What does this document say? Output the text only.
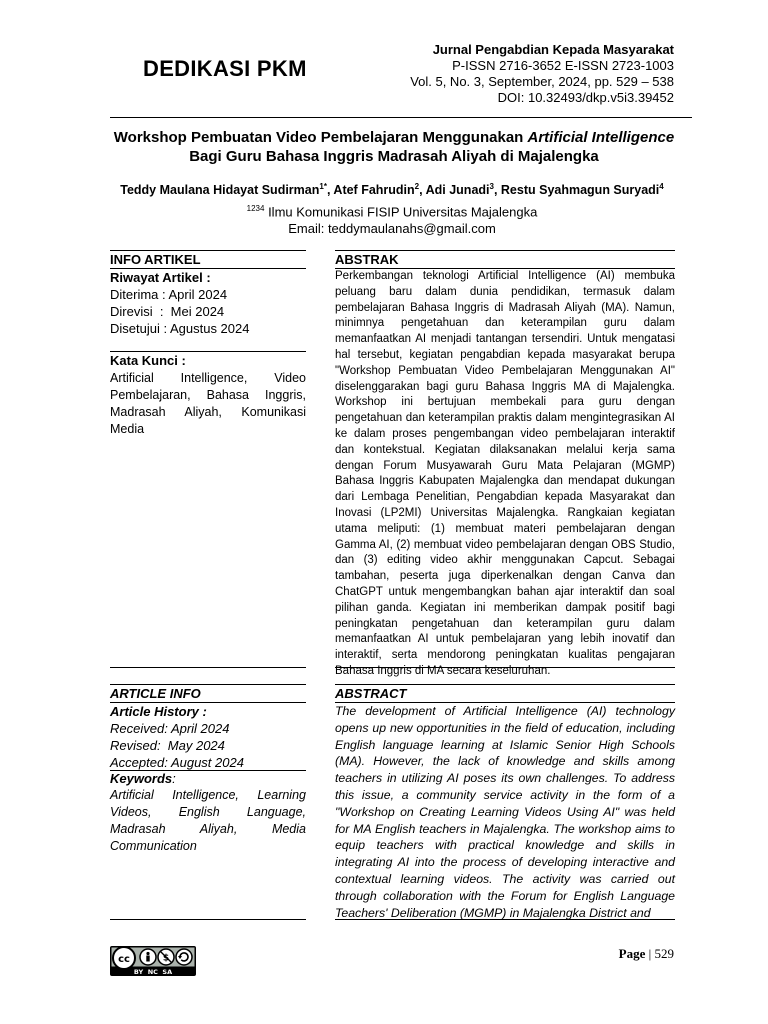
DEDIKASI PKM
Jurnal Pengabdian Kepada Masyarakat
P-ISSN 2716-3652 E-ISSN 2723-1003
Vol. 5, No. 3, September, 2024, pp. 529 – 538
DOI: 10.32493/dkp.v5i3.39452
Workshop Pembuatan Video Pembelajaran Menggunakan Artificial Intelligence
Bagi Guru Bahasa Inggris Madrasah Aliyah di Majalengka
Teddy Maulana Hidayat Sudirman$^{1*}$, Atef Fahrudin$^2$, Adi Junadi$^3$, Restu Syahmagun Suryadi$^4$
$^{1234}$ Ilmu Komunikasi FISIP Universitas Majalengka
Email: teddymaulanahs@gmail.com
INFO ARTIKEL
Riwayat Artikel :
Diterima : April 2024
Direvisi  :  Mei 2024
Disetujui : Agustus 2024
Kata Kunci :
Artificial Intelligence, Video Pembelajaran, Bahasa Inggris, Madrasah Aliyah, Komunikasi Media
ABSTRAK
Perkembangan teknologi Artificial Intelligence (AI) membuka peluang baru dalam dunia pendidikan, termasuk dalam pembelajaran Bahasa Inggris di Madrasah Aliyah (MA). Namun, minimnya pengetahuan dan keterampilan guru dalam memanfaatkan AI menjadi tantangan tersendiri. Untuk mengatasi hal tersebut, kegiatan pengabdian kepada masyarakat berupa "Workshop Pembuatan Video Pembelajaran Menggunakan AI" diselenggarakan bagi guru Bahasa Inggris MA di Majalengka. Workshop ini bertujuan membekali para guru dengan pengetahuan dan keterampilan praktis dalam mengintegrasikan AI ke dalam proses pengembangan video pembelajaran interaktif dan kontekstual. Kegiatan dilaksanakan melalui kerja sama dengan Forum Musyawarah Guru Mata Pelajaran (MGMP) Bahasa Inggris Kabupaten Majalengka dan mendapat dukungan dari Lembaga Penelitian, Pengabdian kepada Masyarakat dan Inovasi (LP2MI) Universitas Majalengka. Rangkaian kegiatan utama meliputi: (1) membuat materi pembelajaran dengan Gamma AI, (2) membuat video pembelajaran dengan OBS Studio, dan (3) editing video akhir menggunakan Capcut. Sebagai tambahan, peserta juga diperkenalkan dengan Canva dan ChatGPT untuk mengembangkan bahan ajar interaktif dan soal pilihan ganda. Kegiatan ini memberikan dampak positif bagi peningkatan pengetahuan dan keterampilan guru dalam memanfaatkan AI untuk pembelajaran yang lebih inovatif dan interaktif, serta mendorong peningkatan kualitas pengajaran Bahasa Inggris di MA secara keseluruhan.
ARTICLE INFO
Article History :
Received: April 2024
Revised:  May 2024
Accepted: August 2024
Keywords:
Artificial Intelligence, Learning Videos, English Language, Madrasah Aliyah, Media Communication
ABSTRACT
The development of Artificial Intelligence (AI) technology opens up new opportunities in the field of education, including English language learning at Islamic Senior High Schools (MA). However, the lack of knowledge and skills among teachers in utilizing AI poses its own challenges. To address this issue, a community service activity in the form of a "Workshop on Creating Learning Videos Using AI" was held for MA English teachers in Majalengka. The workshop aims to equip teachers with practical knowledge and skills in integrating AI into the process of developing interactive and contextual learning videos. The activity was carried out through collaboration with the Forum for English Language Teachers' Deliberation (MGMP) in Majalengka District and
cc	$
BY  NC  SA
Page | 529
